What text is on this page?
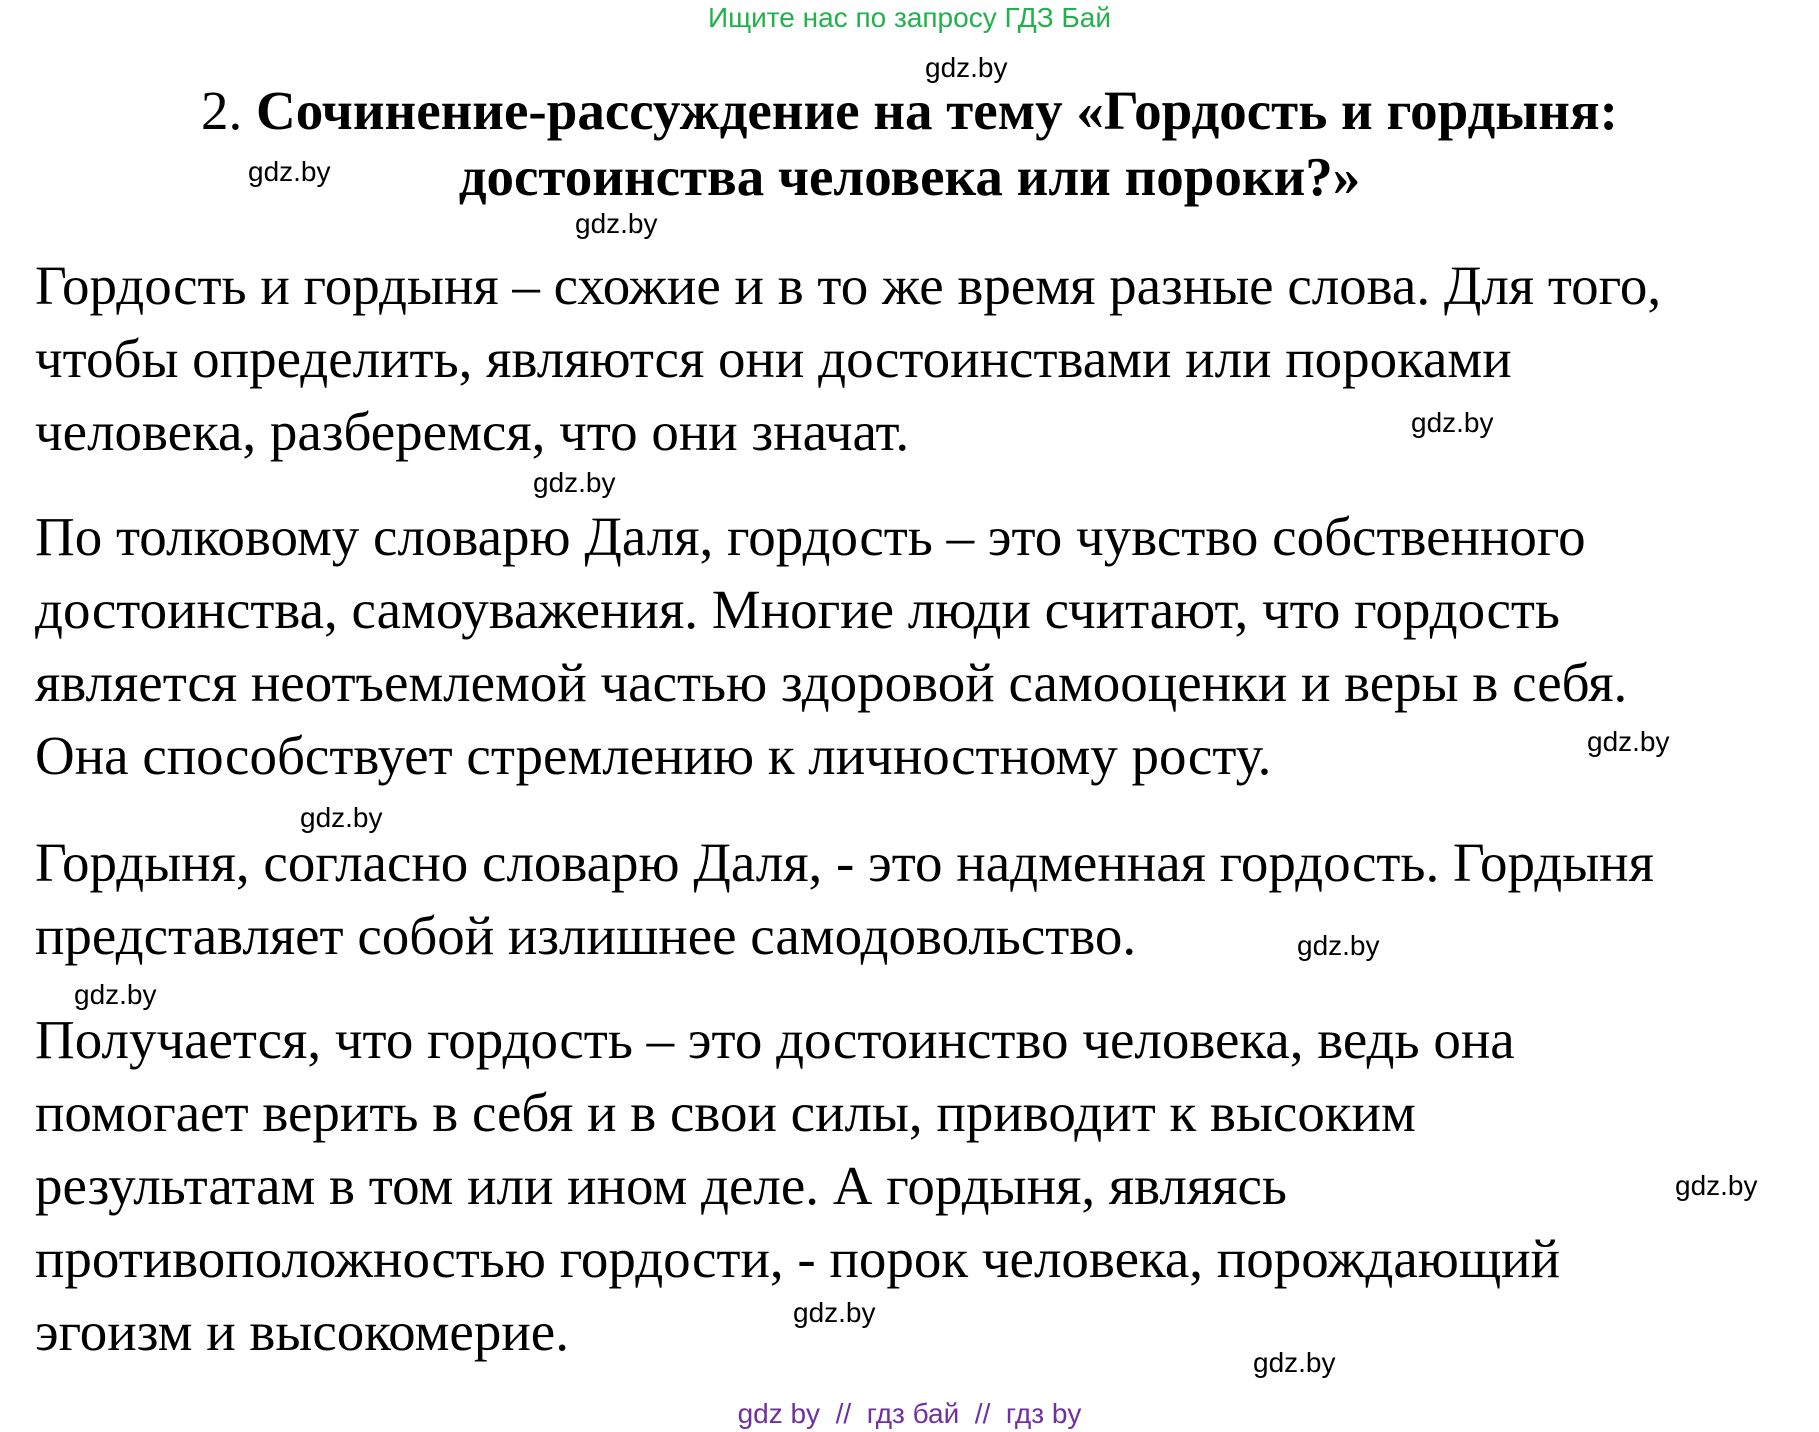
Ищите нас по запросу ГДЗ Бай
2. Сочинение-рассуждение на тему «Гордость и гордыня:
достоинства человека или пороки?»
Гордость и гордыня – схожие и в то же время разные слова. Для того,
чтобы определить, являются они достоинствами или пороками
человека, разберемся, что они значат.
По толковому словарю Даля, гордость – это чувство собственного
достоинства, самоуважения. Многие люди считают, что гордость
является неотъемлемой частью здоровой самооценки и веры в себя.
Она способствует стремлению к личностному росту.
Гордыня, согласно словарю Даля, - это надменная гордость. Гордыня
представляет собой излишнее самодовольство.
Получается, что гордость – это достоинство человека, ведь она
помогает верить в себя и в свои силы, приводит к высоким
результатам в том или ином деле. А гордыня, являясь
противоположностью гордости, - порок человека, порождающий
эгоизм и высокомерие.
gdz.by
gdz.by
gdz.by
gdz.by
gdz.by
gdz.by
gdz.by
gdz.by
gdz.by
gdz.by
gdz.by
gdz.by
gdz by  //  гдз бай  //  гдз by
